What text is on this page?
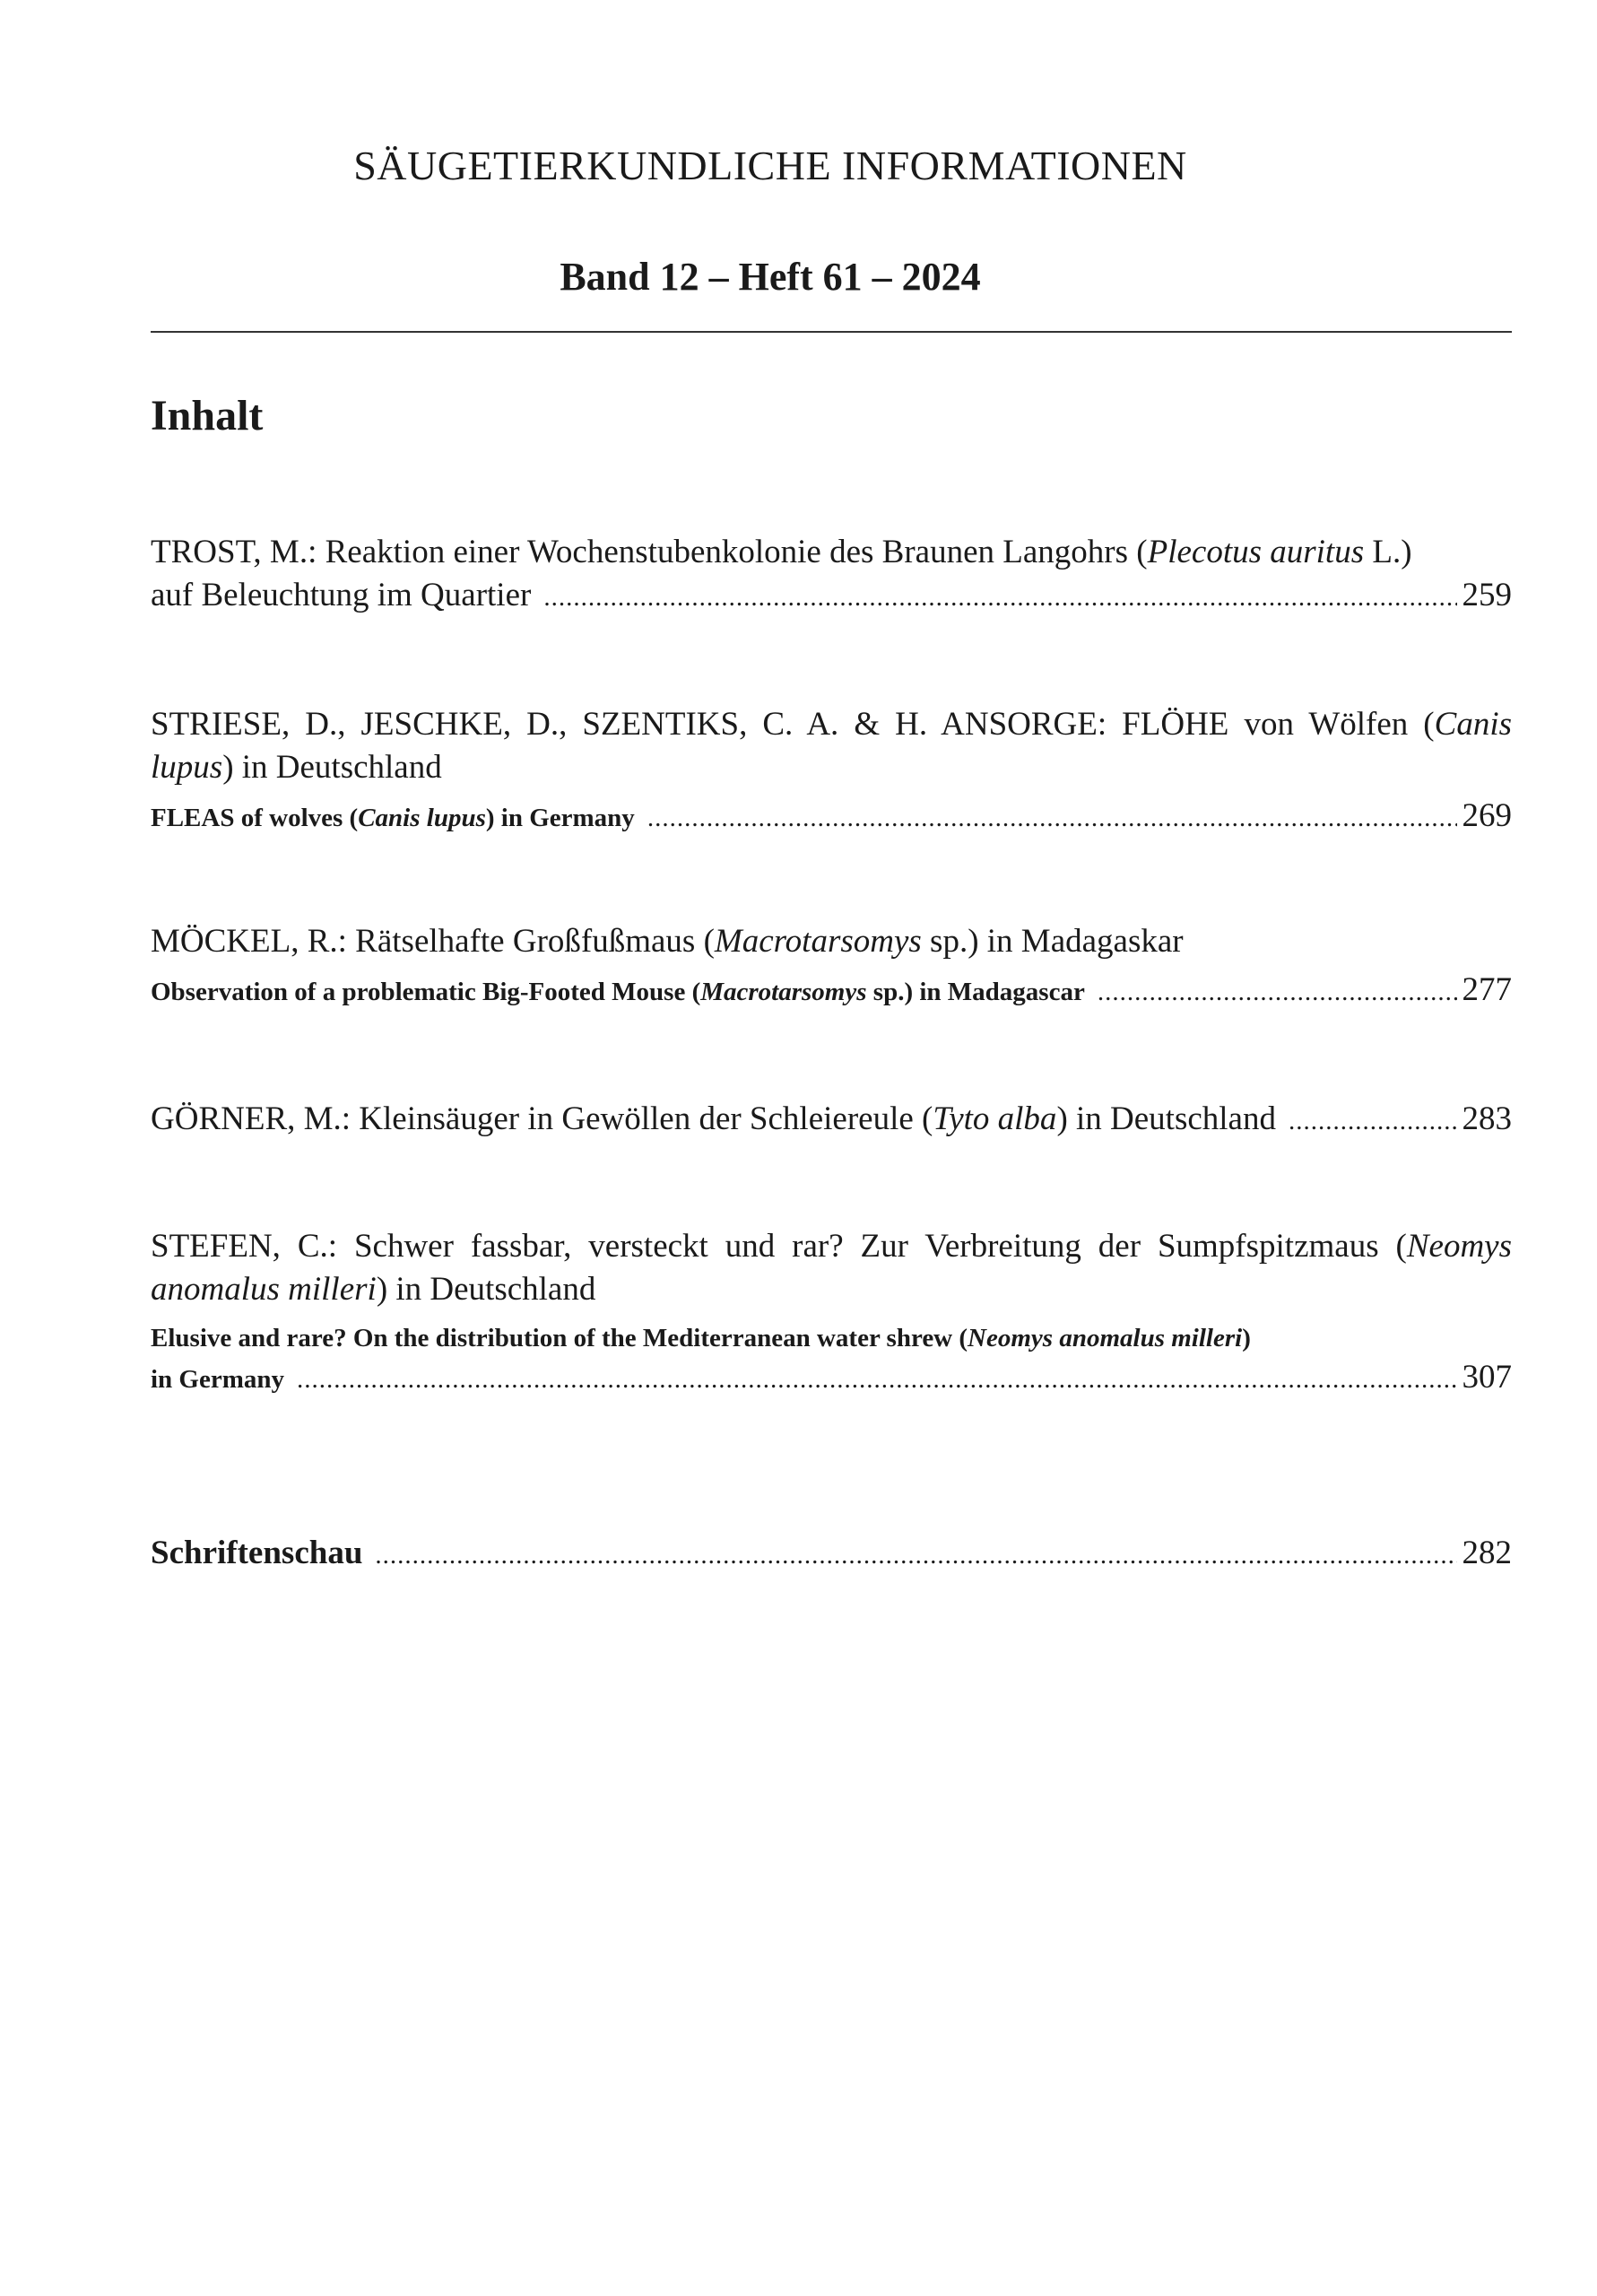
SÄUGETIERKUNDLICHE INFORMATIONEN
Band 12 – Heft 61 – 2024
Inhalt
TROST, M.: Reaktion einer Wochenstubenkolonie des Braunen Langohrs (Plecotus auritus L.)
auf Beleuchtung im Quartier .....	259
STRIESE, D., JESCHKE, D., SZENTIKS, C. A. & H. ANSORGE: FLÖHE von Wölfen (Canis
lupus) in Deutschland
FLEAS of wolves (Canis lupus) in Germany .....	269
MÖCKEL, R.: Rätselhafte Großfußmaus (Macrotarsomys sp.) in Madagaskar
Observation of a problematic Big-Footed Mouse (Macrotarsomys sp.) in Madagascar .....	277
GÖRNER, M.: Kleinsäuger in Gewöllen der Schleiereule (Tyto alba) in Deutschland .....	283
STEFEN, C.: Schwer fassbar, versteckt und rar? Zur Verbreitung der Sumpfspitzmaus (Neomys
anomalus milleri) in Deutschland
Elusive and rare? On the distribution of the Mediterranean water shrew (Neomys anomalus milleri)
in Germany .....	307
Schriftenschau .....	282
